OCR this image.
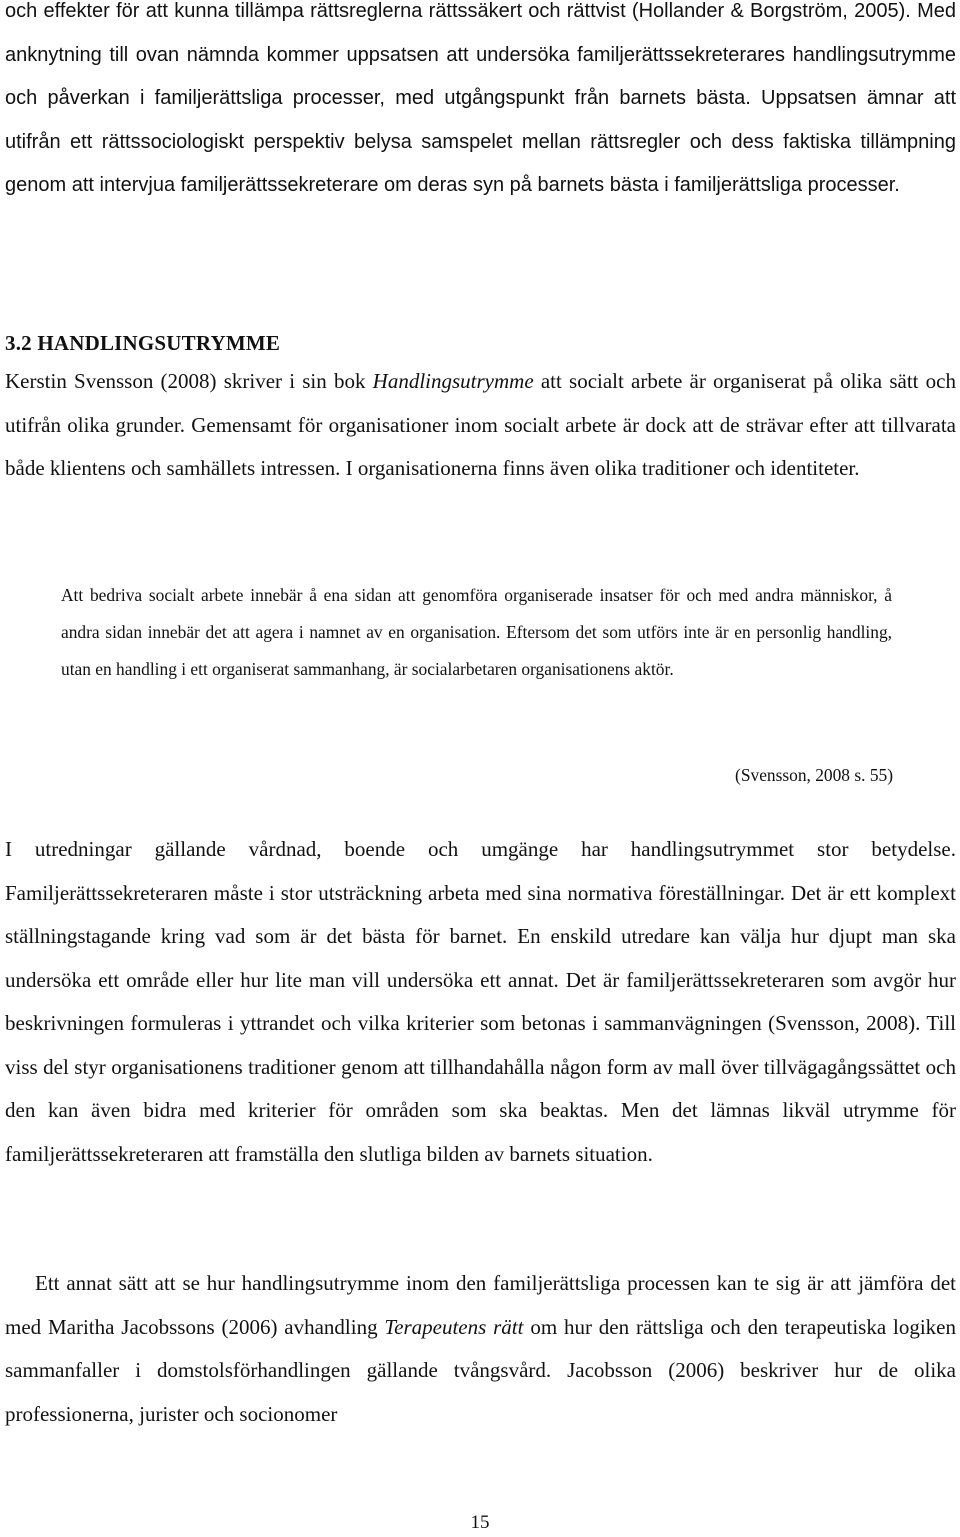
och effekter för att kunna tillämpa rättsreglerna rättssäkert och rättvist (Hollander & Borgström, 2005). Med anknytning till ovan nämnda kommer uppsatsen att undersöka familjerättssekreterares handlingsutrymme och påverkan i familjerättsliga processer, med utgångspunkt från barnets bästa. Uppsatsen ämnar att utifrån ett rättssociologiskt perspektiv belysa samspelet mellan rättsregler och dess faktiska tillämpning genom att intervjua familjerättssekreterare om deras syn på barnets bästa i familjerättsliga processer.

3.2 HANDLINGSUTRYMME

Kerstin Svensson (2008) skriver i sin bok Handlingsutrymme att socialt arbete är organiserat på olika sätt och utifrån olika grunder. Gemensamt för organisationer inom socialt arbete är dock att de strävar efter att tillvarata både klientens och samhällets intressen. I organisationerna finns även olika traditioner och identiteter.

Att bedriva socialt arbete innebär å ena sidan att genomföra organiserade insatser för och med andra människor, å andra sidan innebär det att agera i namnet av en organisation. Eftersom det som utförs inte är en personlig handling, utan en handling i ett organiserat sammanhang, är socialarbetaren organisationens aktör.

(Svensson, 2008 s. 55)

I utredningar gällande vårdnad, boende och umgänge har handlingsutrymmet stor betydelse. Familjerättssekreteraren måste i stor utsträckning arbeta med sina normativa föreställningar. Det är ett komplext ställningstagande kring vad som är det bästa för barnet. En enskild utredare kan välja hur djupt man ska undersöka ett område eller hur lite man vill undersöka ett annat. Det är familjerättssekreteraren som avgör hur beskrivningen formuleras i yttrandet och vilka kriterier som betonas i sammanvägningen (Svensson, 2008). Till viss del styr organisationens traditioner genom att tillhandahålla någon form av mall över tillvägagångssättet och den kan även bidra med kriterier för områden som ska beaktas. Men det lämnas likväl utrymme för familjerättssekreteraren att framställa den slutliga bilden av barnets situation.

Ett annat sätt att se hur handlingsutrymme inom den familjerättsliga processen kan te sig är att jämföra det med Maritha Jacobssons (2006) avhandling Terapeutens rätt om hur den rättsliga och den terapeutiska logiken sammanfaller i domstolsförhandlingen gällande tvångsvård. Jacobsson (2006) beskriver hur de olika professionerna, jurister och socionomer

15
